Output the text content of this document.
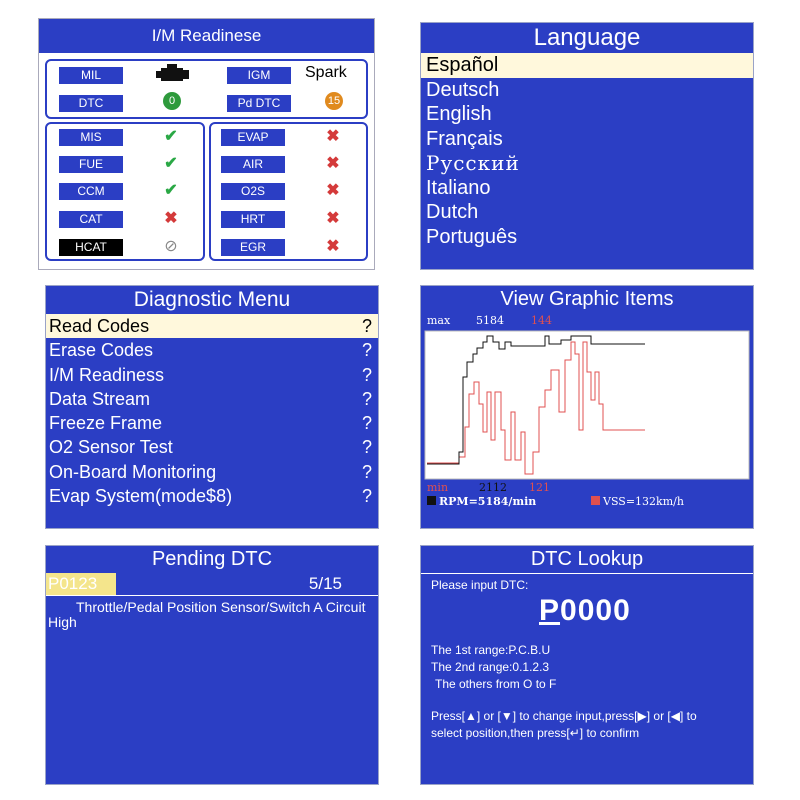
I/M Readinese
MIL	IGM	Spark
DTC	0	Pd DTC	15
MIS	✔
FUE	✔
CCM	✔
CAT	✖
HCAT	⊘
EVAP	✖
AIR	✖
O2S	✖
HRT	✖
EGR	✖
Language
Español
Deutsch
English
Français
Русский
Italiano
Dutch
Português
Diagnostic Menu
Read Codes	?
Erase Codes	?
I/M Readiness	?
Data Stream	?
Freeze Frame	?
O2 Sensor Test	?
On-Board Monitoring	?
Evap System(mode$8)	?
View Graphic Items
max 5184 144
min	2112 121
RPM=5184/min	VSS=132km/h
Pending DTC
P0123	5/15
Throttle/Pedal Position Sensor/Switch A Circuit High
DTC Lookup
Please input DTC:
P0000
The 1st range:P.C.B.U
The 2nd range:0.1.2.3
The others from O to F
Press[▲] or [▼] to change input,press[▶] or [◀] to
select position,then press[↵] to confirm
